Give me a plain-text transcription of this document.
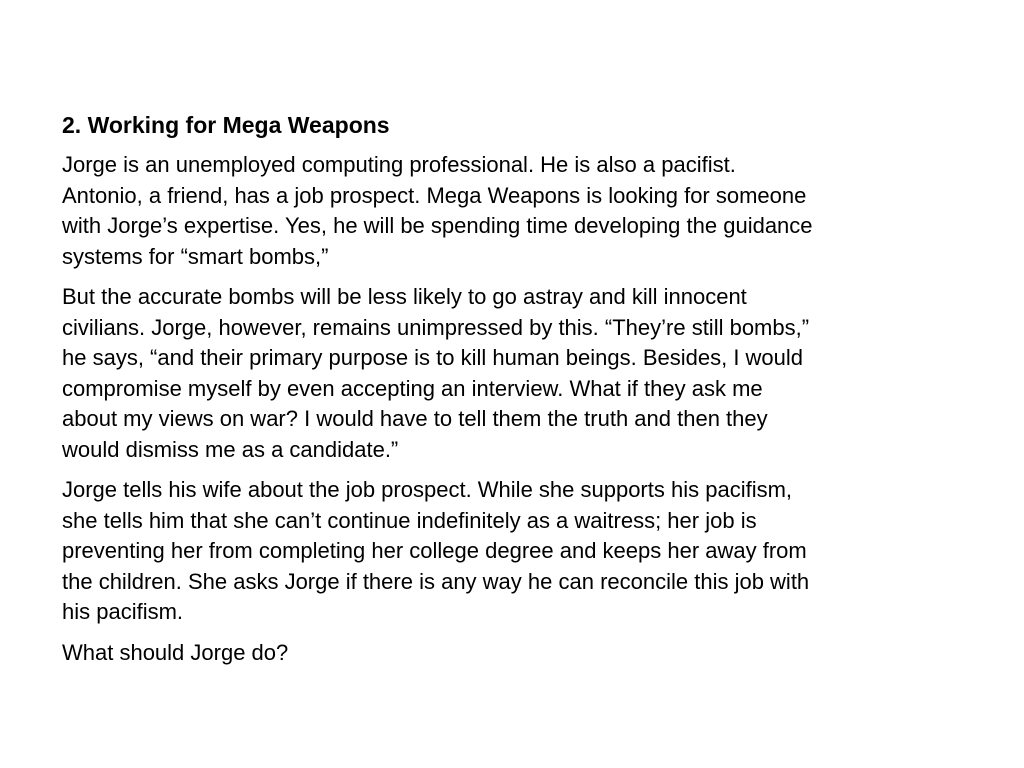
2. Working for Mega Weapons

Jorge is an unemployed computing professional. He is also a pacifist.
Antonio, a friend, has a job prospect. Mega Weapons is looking for someone
with Jorge’s expertise. Yes, he will be spending time developing the guidance
systems for “smart bombs,”

But the accurate bombs will be less likely to go astray and kill innocent
civilians. Jorge, however, remains unimpressed by this. “They’re still bombs,”
he says, “and their primary purpose is to kill human beings. Besides, I would
compromise myself by even accepting an interview. What if they ask me
about my views on war? I would have to tell them the truth and then they
would dismiss me as a candidate.”

Jorge tells his wife about the job prospect. While she supports his pacifism,
she tells him that she can’t continue indefinitely as a waitress; her job is
preventing her from completing her college degree and keeps her away from
the children. She asks Jorge if there is any way he can reconcile this job with
his pacifism.

What should Jorge do?
